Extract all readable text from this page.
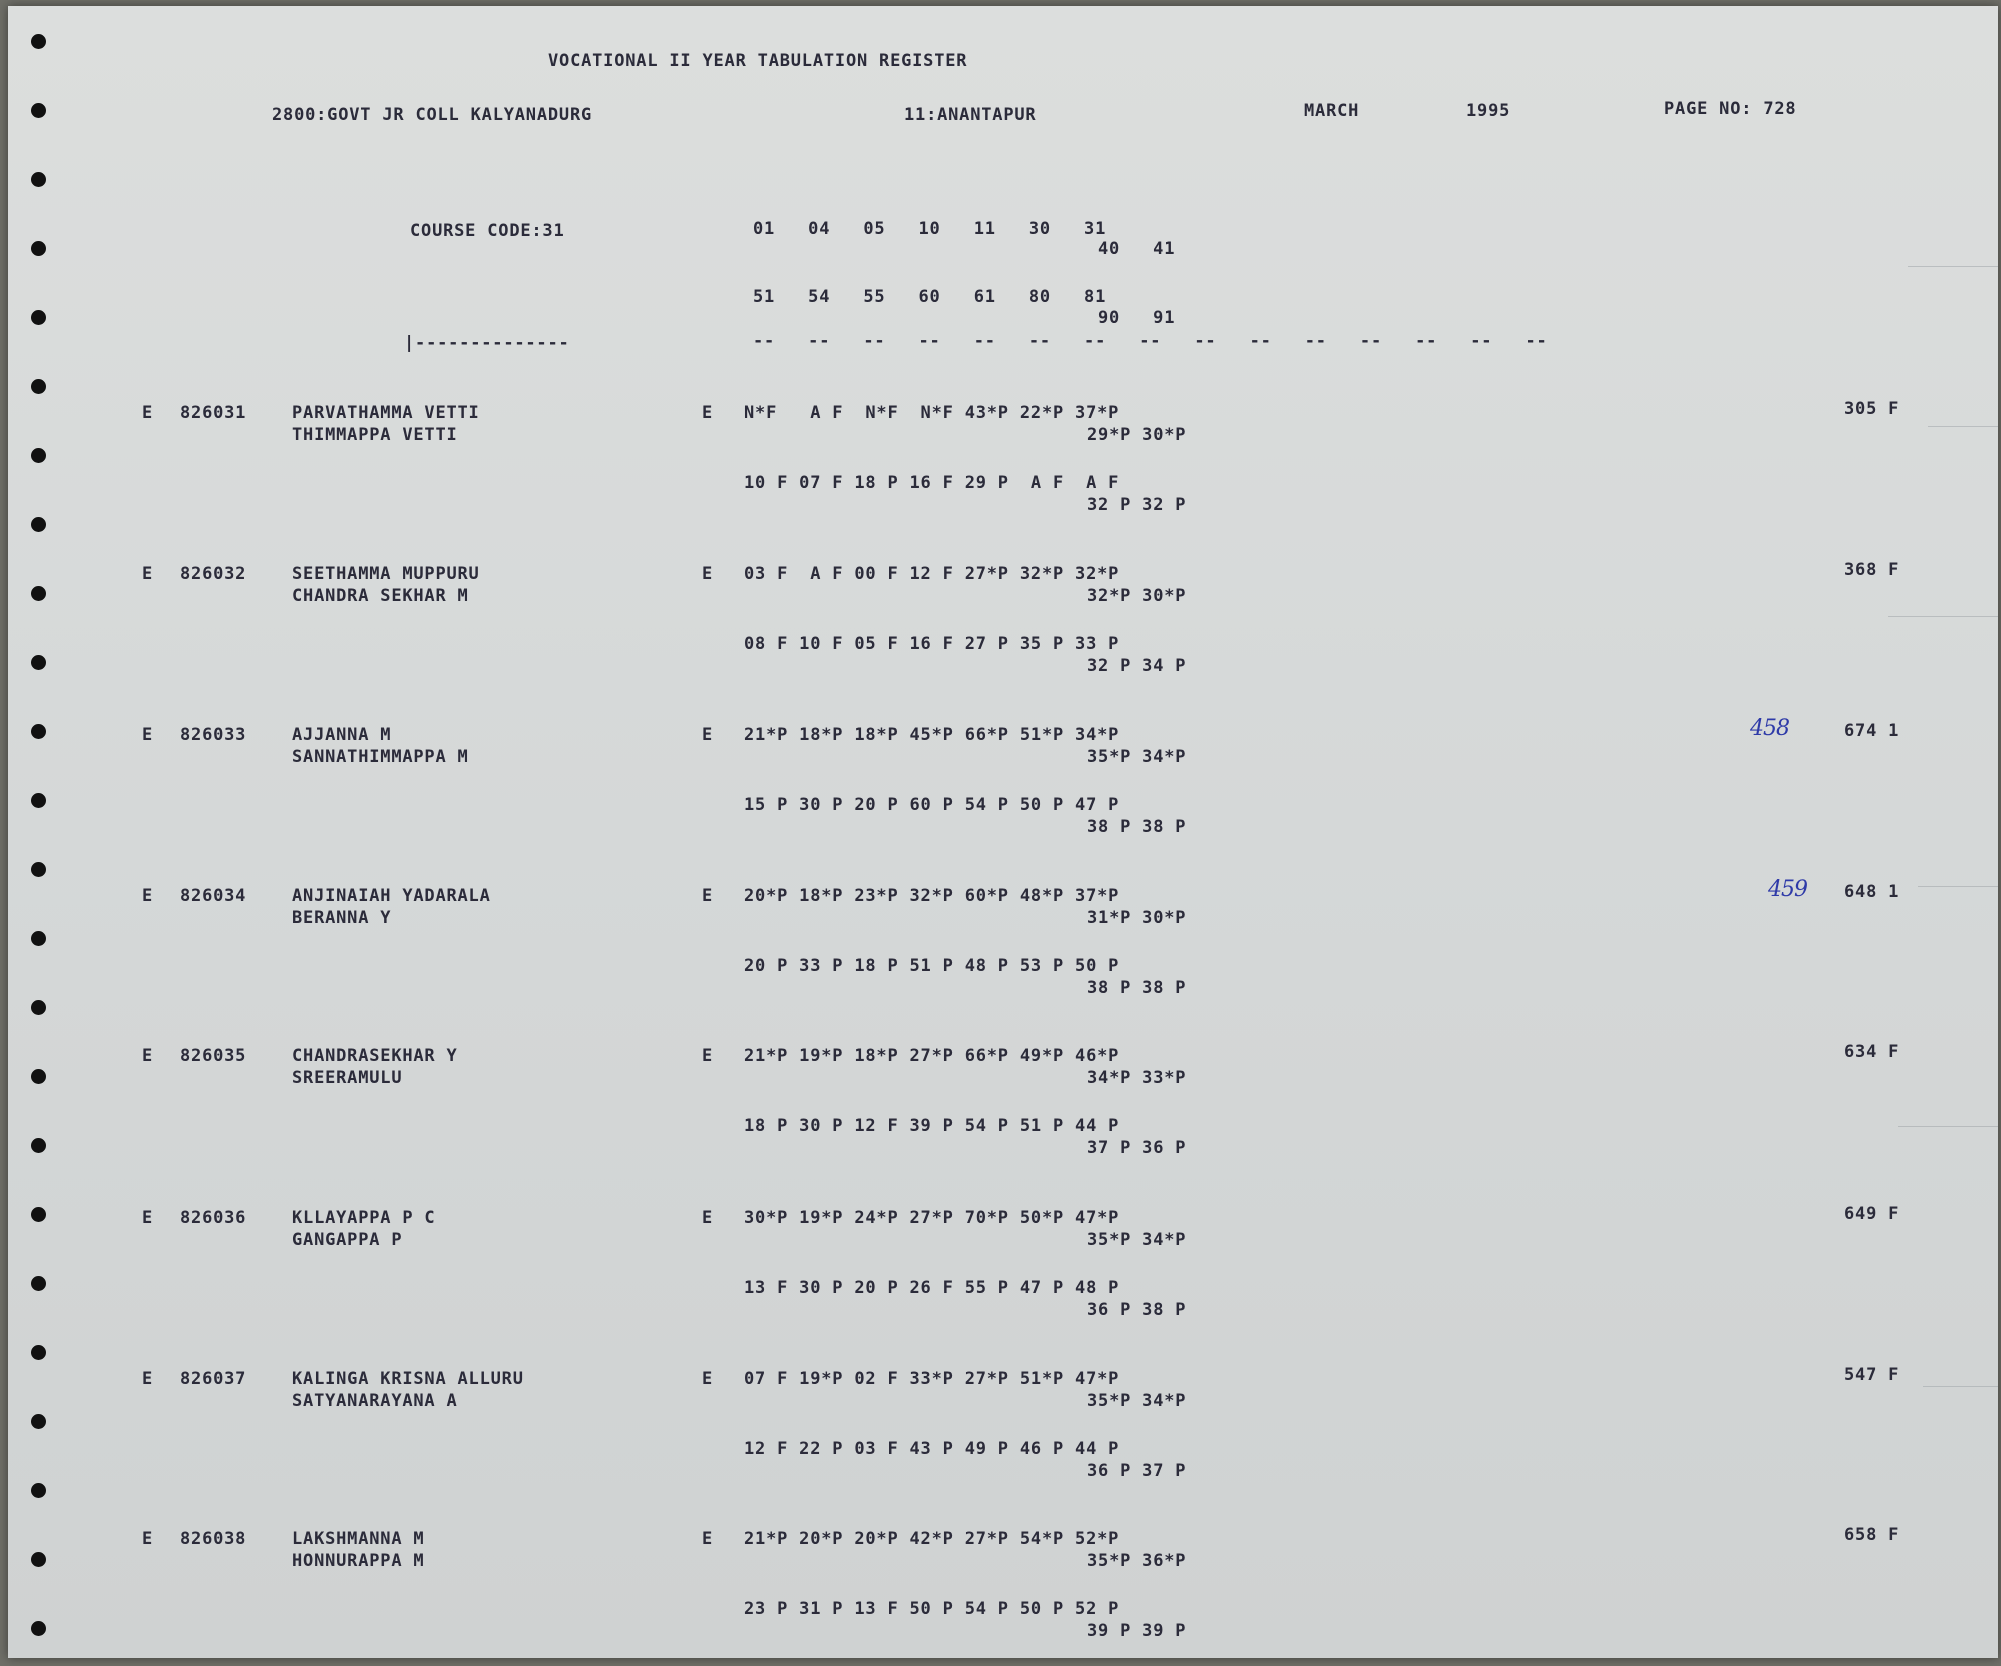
VOCATIONAL II YEAR TABULATION REGISTER
2800:GOVT JR COLL KALYANADURG	11:ANANTAPUR	MARCH	1995	PAGE NO: 728
COURSE CODE:31	01   04   05   10   11   30   31
40   41
51   54   55   60   61   80   81
90   91
|--------------	--   --   --   --   --   --   --   --   --   --   --   --   --   --   --
E 826031	PARVATHAMMA VETTI
THIMMAPPA VETTI
E N*F   A F  N*F  N*F 43*P 22*P 37*P
29*P 30*P
10 F 07 F 18 P 16 F 29 P  A F  A F
32 P 32 P
305 F
E 826032	SEETHAMMA MUPPURU
CHANDRA SEKHAR M
E 03 F  A F 00 F 12 F 27*P 32*P 32*P
32*P 30*P
08 F 10 F 05 F 16 F 27 P 35 P 33 P
32 P 34 P
368 F
E 826033	AJJANNA M
SANNATHIMMAPPA M
E 21*P 18*P 18*P 45*P 66*P 51*P 34*P
35*P 34*P
15 P 30 P 20 P 60 P 54 P 50 P 47 P
38 P 38 P
674 1
458
E 826034	ANJINAIAH YADARALA
BERANNA Y
E 20*P 18*P 23*P 32*P 60*P 48*P 37*P
31*P 30*P
20 P 33 P 18 P 51 P 48 P 53 P 50 P
38 P 38 P
648 1
459
E 826035	CHANDRASEKHAR Y
SREERAMULU
E 21*P 19*P 18*P 27*P 66*P 49*P 46*P
34*P 33*P
18 P 30 P 12 F 39 P 54 P 51 P 44 P
37 P 36 P
634 F
E 826036	KLLAYAPPA P C
GANGAPPA P
E 30*P 19*P 24*P 27*P 70*P 50*P 47*P
35*P 34*P
13 F 30 P 20 P 26 F 55 P 47 P 48 P
36 P 38 P
649 F
E 826037	KALINGA KRISNA ALLURU
SATYANARAYANA A
E 07 F 19*P 02 F 33*P 27*P 51*P 47*P
35*P 34*P
12 F 22 P 03 F 43 P 49 P 46 P 44 P
36 P 37 P
547 F
E 826038	LAKSHMANNA M
HONNURAPPA M
E 21*P 20*P 20*P 42*P 27*P 54*P 52*P
35*P 36*P
23 P 31 P 13 F 50 P 54 P 50 P 52 P
39 P 39 P
658 F
